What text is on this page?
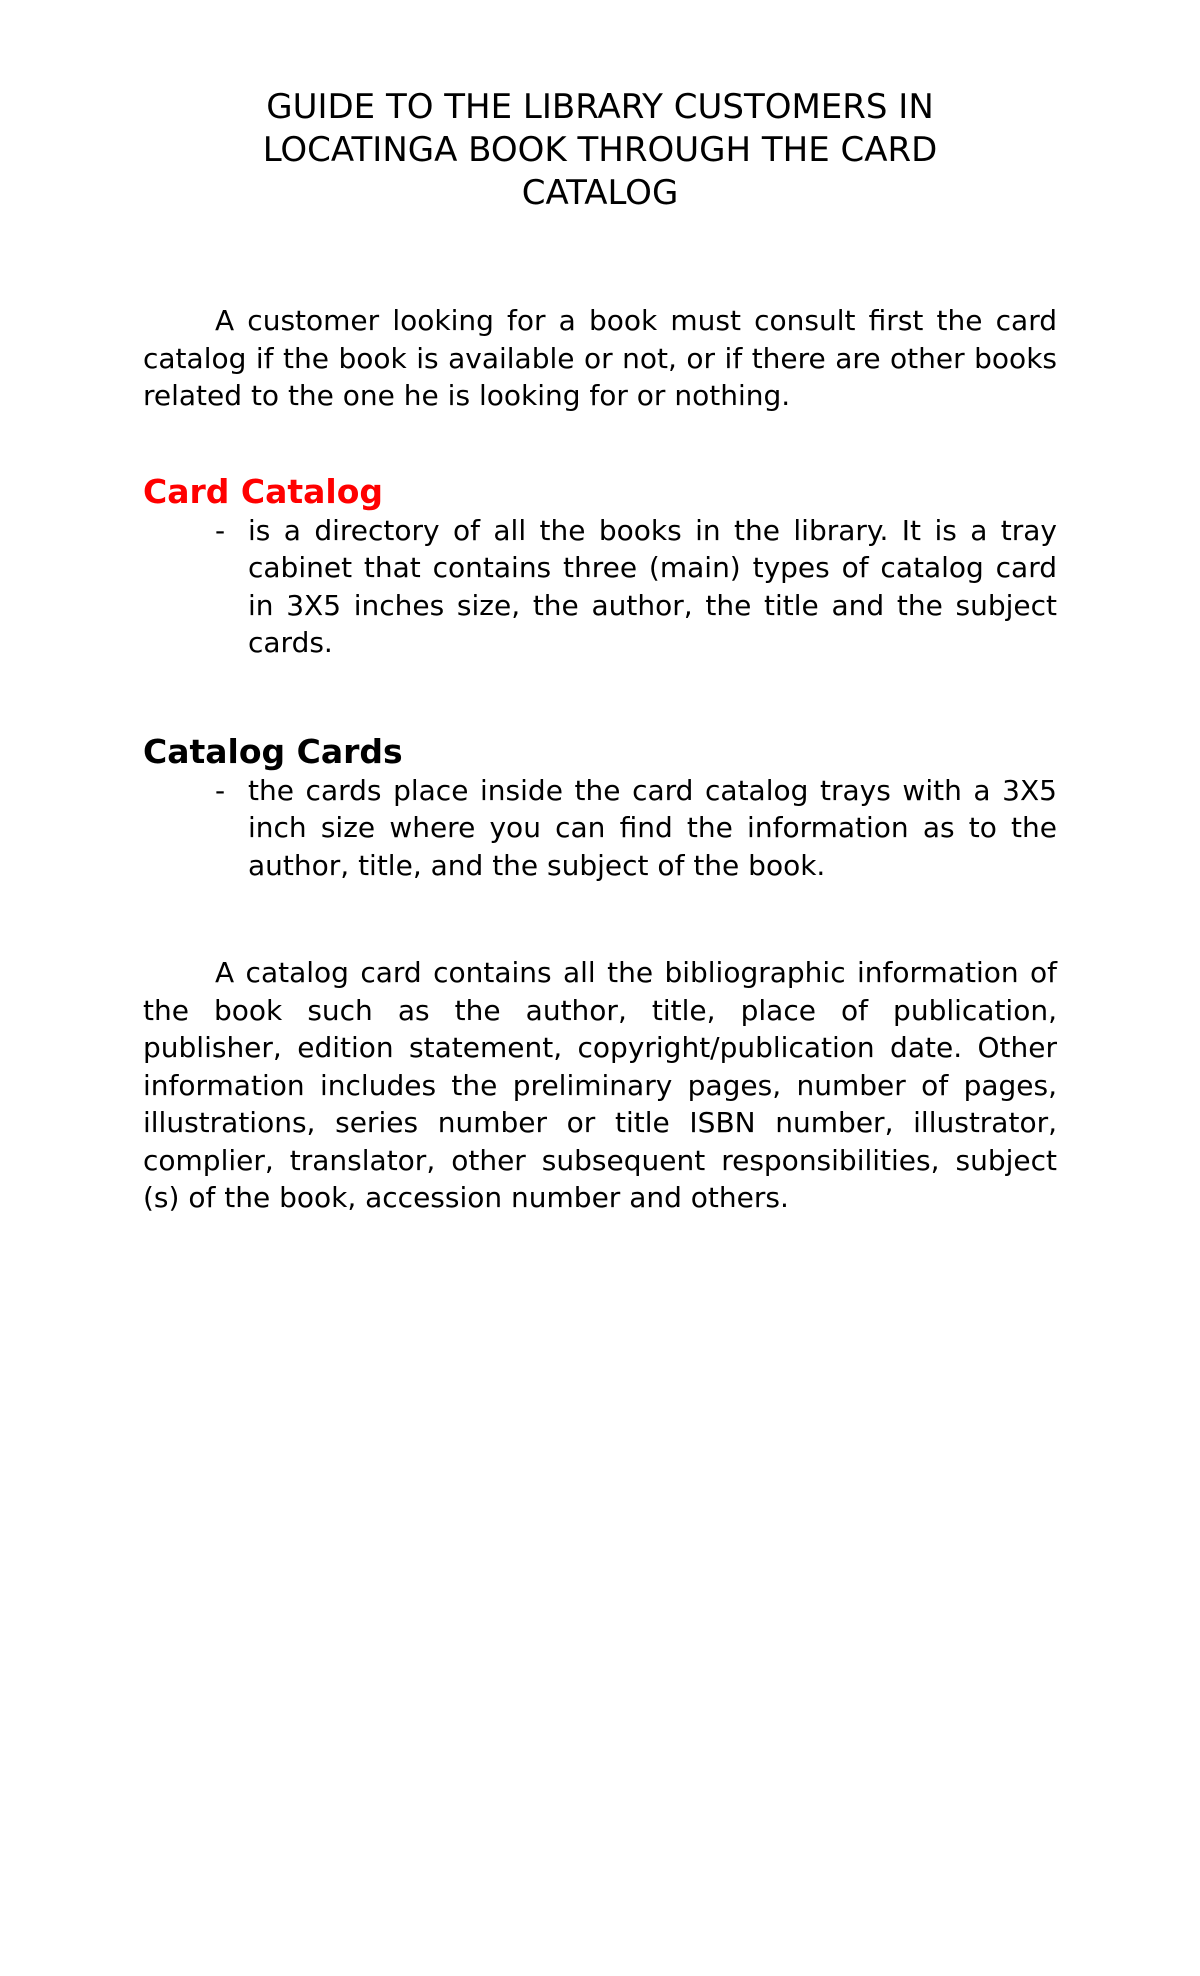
GUIDE TO THE LIBRARY CUSTOMERS IN
LOCATINGA BOOK THROUGH THE CARD
CATALOG

A customer looking for a book must consult first the card catalog if the book is available or not, or if there are other books related to the one he is looking for or nothing.

Card Catalog
- is a directory of all the books in the library. It is a tray cabinet that contains three (main) types of catalog card in 3X5 inches size, the author, the title and the subject cards.
Catalog Cards
- the cards place inside the card catalog trays with a 3X5 inch size where you can find the information as to the author, title, and the subject of the book.

A catalog card contains all the bibliographic information of the book such as the author, title, place of publication, publisher, edition statement, copyright/publication date. Other information includes the preliminary pages, number of pages, illustrations, series number or title ISBN number, illustrator, complier, translator, other subsequent responsibilities, subject (s) of the book, accession number and others.
